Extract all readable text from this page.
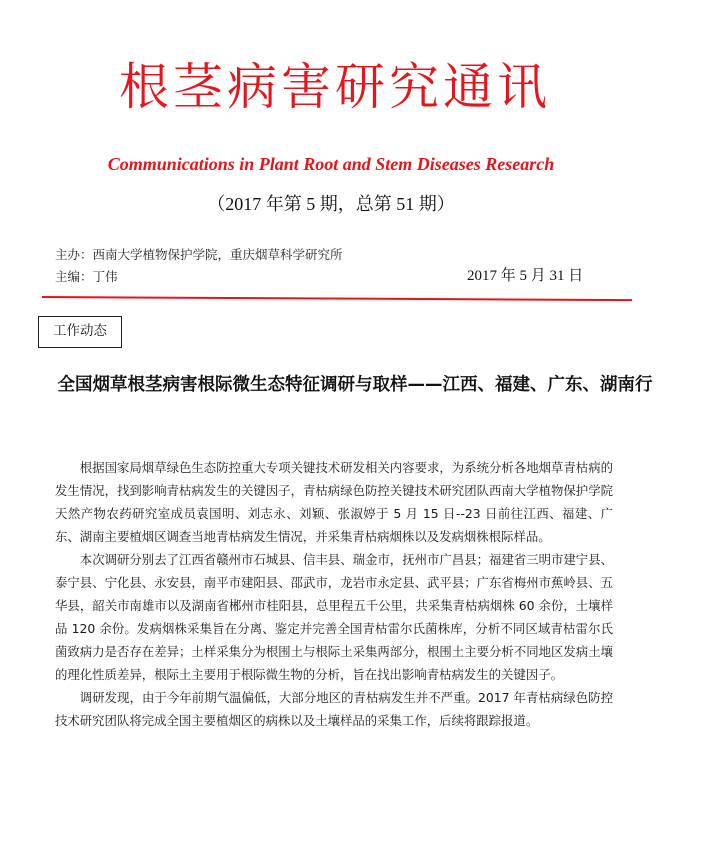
根茎病害研究通讯
Communications in Plant Root and Stem Diseases Research
（2017 年第 5 期，总第 51 期）
主办：西南大学植物保护学院，重庆烟草科学研究所
主编：丁伟	2017 年 5 月 31 日
工作动态
全国烟草根茎病害根际微生态特征调研与取样——江西、福建、广东、湖南行

根据国家局烟草绿色生态防控重大专项关键技术研发相关内容要求，为系统分析各地烟草青枯病的发生情况，找到影响青枯病发生的关键因子，青枯病绿色防控关键技术研究团队西南大学植物保护学院天然产物农药研究室成员袁国明、刘志永、刘颖、张淑婷于 5 月 15 日--23 日前往江西、福建、广东、湖南主要植烟区调查当地青枯病发生情况，并采集青枯病烟株以及发病烟株根际样品。

本次调研分别去了江西省赣州市石城县、信丰县、瑞金市，抚州市广昌县；福建省三明市建宁县、泰宁县、宁化县、永安县，南平市建阳县、邵武市，龙岩市永定县、武平县；广东省梅州市蕉岭县、五华县，韶关市南雄市以及湖南省郴州市桂阳县，总里程五千公里，共采集青枯病烟株 60 余份，土壤样品 120 余份。发病烟株采集旨在分离、鉴定并完善全国青枯雷尔氏菌株库，分析不同区域青枯雷尔氏菌致病力是否存在差异；土样采集分为根围土与根际土采集两部分，根围土主要分析不同地区发病土壤的理化性质差异，根际土主要用于根际微生物的分析，旨在找出影响青枯病发生的关键因子。

调研发现，由于今年前期气温偏低，大部分地区的青枯病发生并不严重。2017 年青枯病绿色防控技术研究团队将完成全国主要植烟区的病株以及土壤样品的采集工作，后续将跟踪报道。
